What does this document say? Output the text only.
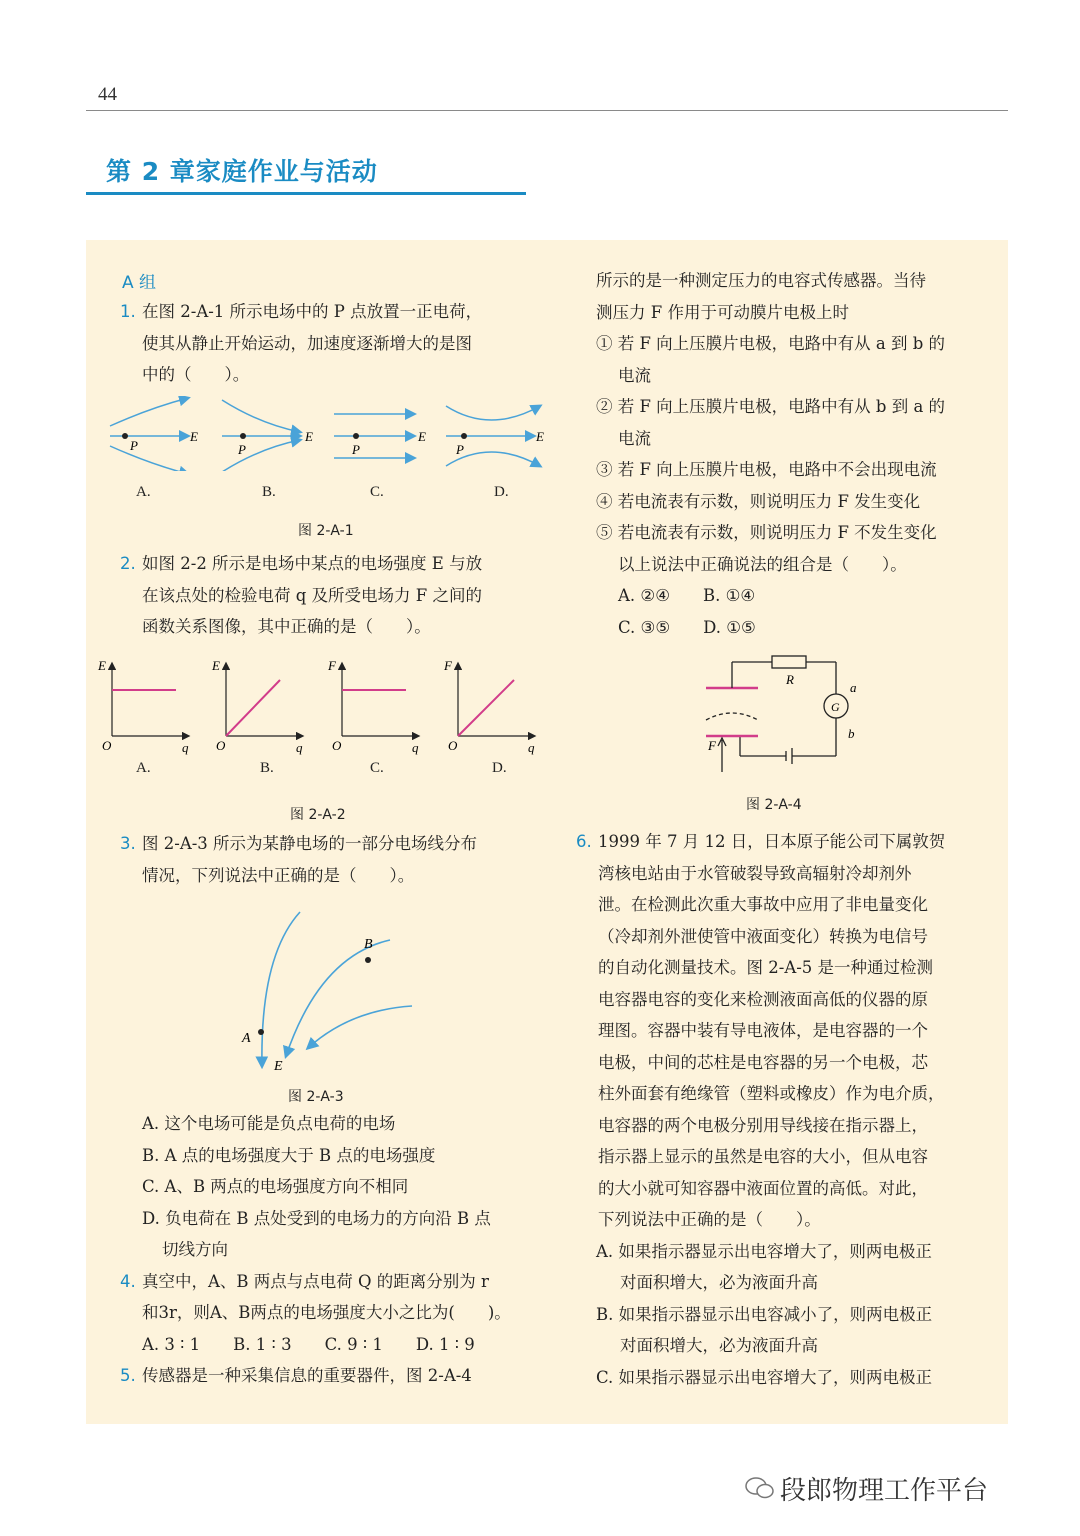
44
第 2 章家庭作业与活动
A 组
1. 在图 2-A-1 所示电场中的 P 点放置一正电荷，
使其从静止开始运动，加速度逐渐增大的是图
中的（　　）。
P
E
P
E
P
E
P
E
A.	B.	C.	D.
图 2-A-1
2. 如图 2-2 所示是电场中某点的电场强度 E 与放
在该点处的检验电荷 q 及所受电场力 F 之间的
函数关系图像，其中正确的是（　　）。
E
O	q
E
O	q
F
O	q
F
O	q
A.	B.	C.	D.
图 2-A-2
3. 图 2-A-3 所示为某静电场的一部分电场线分布
情况，下列说法中正确的是（　　）。
A
B
E
图 2-A-3
A. 这个电场可能是负点电荷的电场
B. A 点的电场强度大于 B 点的电场强度
C. A、B 两点的电场强度方向不相同
D. 负电荷在 B 点处受到的电场力的方向沿 B 点
切线方向
4. 真空中，A、B 两点与点电荷 Q 的距离分别为 r
和3r，则A、B两点的电场强度大小之比为(　　)。
A. 3 ∶ 1　　B. 1 ∶ 3　　C. 9 ∶ 1　　D. 1 ∶ 9
5. 传感器是一种采集信息的重要器件，图 2-A-4
所示的是一种测定压力的电容式传感器。当待
测压力 F 作用于可动膜片电极上时
① 若 F 向上压膜片电极，电路中有从 a 到 b 的
电流
② 若 F 向上压膜片电极，电路中有从 b 到 a 的
电流
③ 若 F 向上压膜片电极，电路中不会出现电流
④ 若电流表有示数，则说明压力 F 发生变化
⑤ 若电流表有示数，则说明压力 F 不发生变化
以上说法中正确说法的组合是（　　）。
A. ②④　　B. ①④
C. ③⑤　　D. ①⑤
R
a
G
b
F
图 2-A-4
6. 1999 年 7 月 12 日，日本原子能公司下属敦贺
湾核电站由于水管破裂导致高辐射冷却剂外
泄。在检测此次重大事故中应用了非电量变化
（冷却剂外泄使管中液面变化）转换为电信号
的自动化测量技术。图 2-A-5 是一种通过检测
电容器电容的变化来检测液面高低的仪器的原
理图。容器中装有导电液体，是电容器的一个
电极，中间的芯柱是电容器的另一个电极，芯
柱外面套有绝缘管（塑料或橡皮）作为电介质，
电容器的两个电极分别用导线接在指示器上，
指示器上显示的虽然是电容的大小，但从电容
的大小就可知容器中液面位置的高低。对此，
下列说法中正确的是（　　）。
A. 如果指示器显示出电容增大了，则两电极正
对面积增大，必为液面升高
B. 如果指示器显示出电容减小了，则两电极正
对面积增大，必为液面升高
C. 如果指示器显示出电容增大了，则两电极正
段郎物理工作平台
